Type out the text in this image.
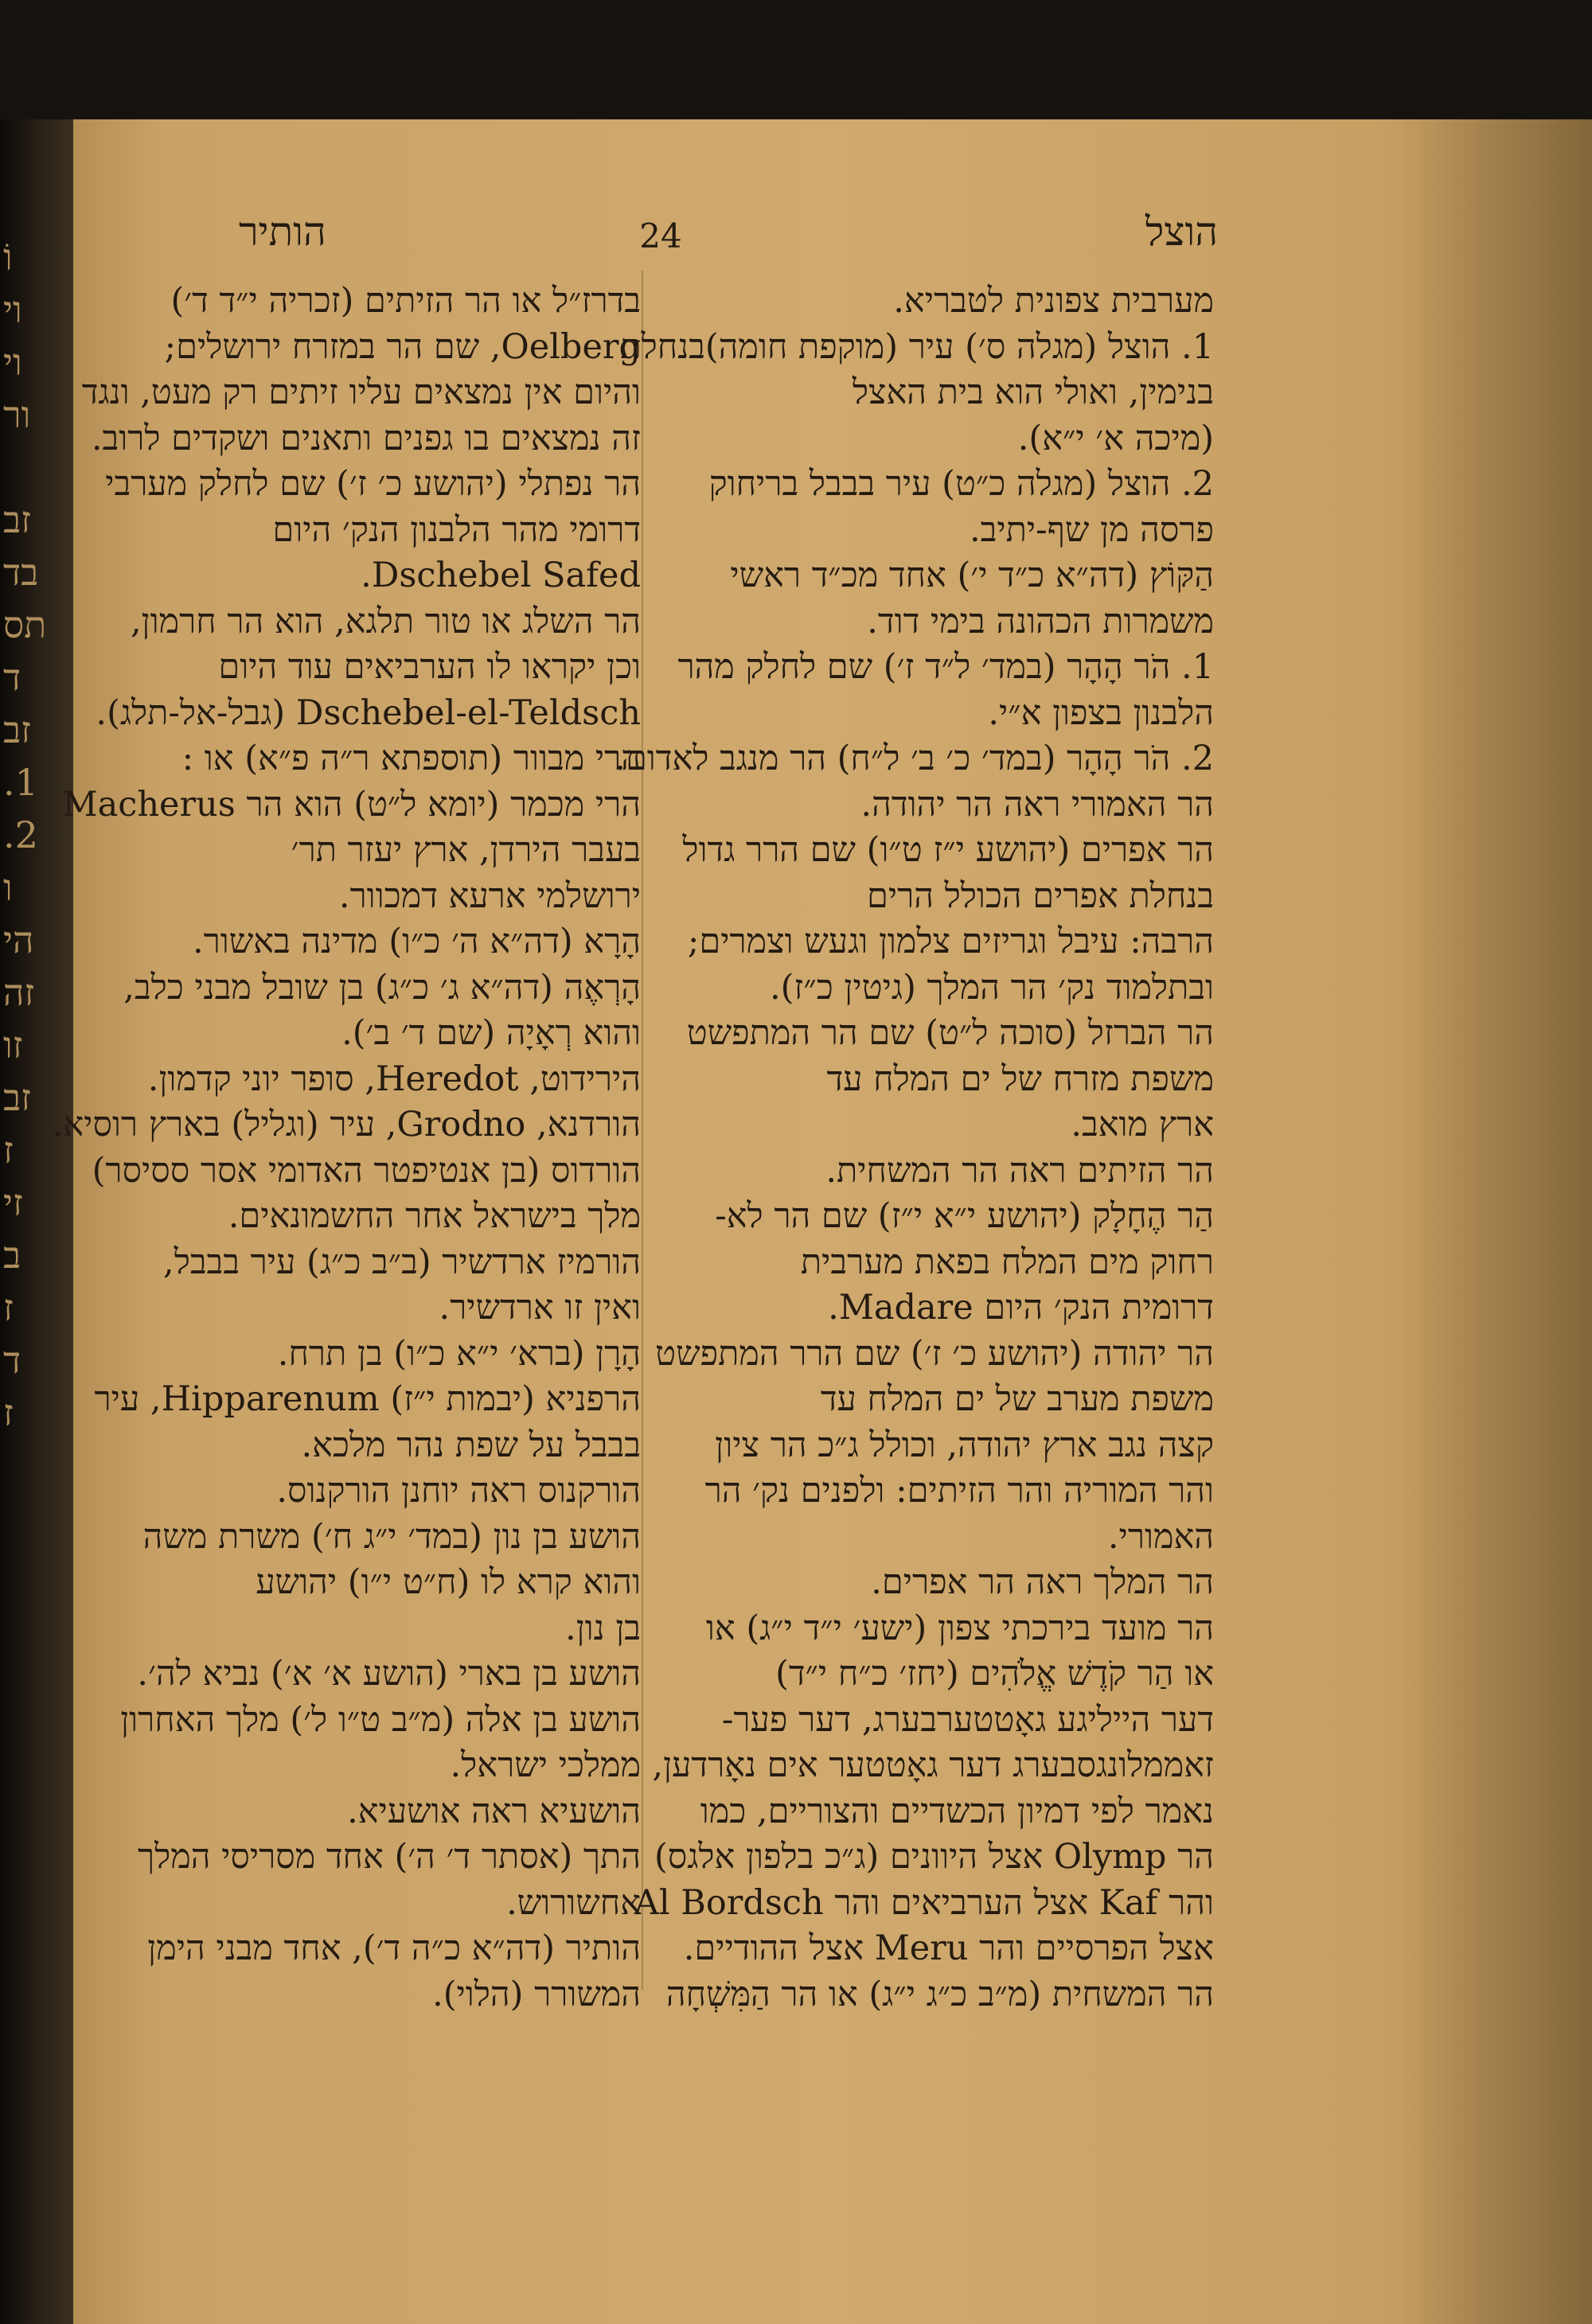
וֹ
וי
וי
ור

זב
בד
תס
ד
זב
1.
2.
ו
הי
זה
זו
זב
ז
זי
ב
ז
ד
ז
הוצל
24
הותיר

מערבית צפונית לטבריא.

1. הוצל (מגלה ס׳) עיר (מוקפת חומה)בנחלת

בנימין, ואולי הוא בית האצל

(מיכה א׳ י״א).

2. הוצל (מגלה כ״ט) עיר בבבל בריחוק

פרסה מן שף-יתיב.

הַקּוֹץ (דה״א כ״ד י׳) אחד מכ״ד ראשי

משמרות הכהונה בימי דוד.

1. הֹר הָהָר (במד׳ ל״ד ז׳) שם לחלק מהר

הלבנון בצפון א״י.

2. הֹר הָהָר (במד׳ כ׳ ב׳ ל״ח) הר מנגב לאדום.

הר האמורי ראה הר יהודה.

הר אפרים (יהושע י״ז ט״ו) שם הרר גדול

בנחלת אפרים הכולל הרים

הרבה: עיבל וגריזים צלמון וגעש וצמרים;

ובתלמוד נק׳ הר המלך (גיטין כ״ז).

הר הברזל (סוכה ל״ט) שם הר המתפשט

משפת מזרח של ים המלח עד

ארץ מואב.

הר הזיתים ראה הר המשחית.

הַר הֶחָלָק (יהושע י״א י״ז) שם הר לא-

רחוק מים המלח בפאת מערבית

דרומית הנק׳ היום Madare.

הר יהודה (יהושע כ׳ ז׳) שם הרר המתפשט

משפת מערב של ים המלח עד

קצה נגב ארץ יהודה, וכולל ג״כ הר ציון

והר המוריה והר הזיתים: ולפנים נק׳ הר

האמורי.

הר המלך ראה הר אפרים.

הר מועד בירכתי צפון (ישע׳ י״ד י״ג) או

או הַר קֹדֶשׁ אֱלֹהִים (יחז׳ כ״ח י״ד)

דער הייליגע גאָטטערבערג, דער פער-

זאממלונגסבערג דער גאָטטער אים נאָרדען,

נאמר לפי דמיון הכשדיים והצוריים, כמו

הר Olymp אצל היוונים (ג״כ בלפון אלגס)

והר Kaf אצל הערביאים והר Al Bordsch

אצל הפרסיים והר Meru אצל ההודיים.

הר המשחית (מ״ב כ״ג י״ג) או הר הַמִּשְׁחָה

בדרז״ל או הר הזיתים (זכריה י״ד ד׳)

Oelberg, שם הר במזרח ירושלים;

והיום אין נמצאים עליו זיתים רק מעט, ונגד

זה נמצאים בו גפנים ותאנים ושקדים לרוב.

הר נפתלי (יהושע כ׳ ז׳) שם לחלק מערבי

דרומי מהר הלבנון הנק׳ היום

Dschebel Safed.

הר השלג או טור תלגא, הוא הר חרמון,

וכן יקראו לו הערביאים עוד היום

Dschebel-el-Teldsch (גבל-אל-תלג).

הרי מבוור (תוספתא ר״ה פ״א) או :

הרי מכמר (יומא ל״ט) הוא הר Macherus

בעבר הירדן, ארץ יעזר תר׳

ירושלמי ארעא דמכוור.

הָרָא (דה״א ה׳ כ״ו) מדינה באשור.

הָרְאֶה (דה״א ג׳ כ״ג) בן שובל מבני כלב,

והוא רְאָיָה (שם ד׳ ב׳).

הירידוט, Heredot, סופר יוני קדמון.

הורדנא, Grodno, עיר (וגליל) בארץ רוסיא.

הורדוס (בן אנטיפטר האדומי אסר ססיסר)

מלך בישראל אחר החשמונאים.

הורמיז ארדשיר (ב״ב כ״ג) עיר בבבל,

ואין זו ארדשיר.

הָרָן (ברא׳ י״א כ״ו) בן תרח.

הרפניא (יבמות י״ז) Hipparenum, עיר

בבבל על שפת נהר מלכא.

הורקנוס ראה יוחנן הורקנוס.

הושע בן נון (במד׳ י״ג ח׳) משרת משה

והוא קרא לו (ח״ט י״ו) יהושע

בן נון.

הושע בן בארי (הושע א׳ א׳) נביא לה׳.

הושע בן אלה (מ״ב ט״ו ל׳) מלך האחרון

ממלכי ישראל.

הושעיא ראה אושעיא.

התך (אסתר ד׳ ה׳) אחד מסריסי המלך

אחשורוש.

הותיר (דה״א כ״ה ד׳), אחד מבני הימן

המשורר (הלוי).
